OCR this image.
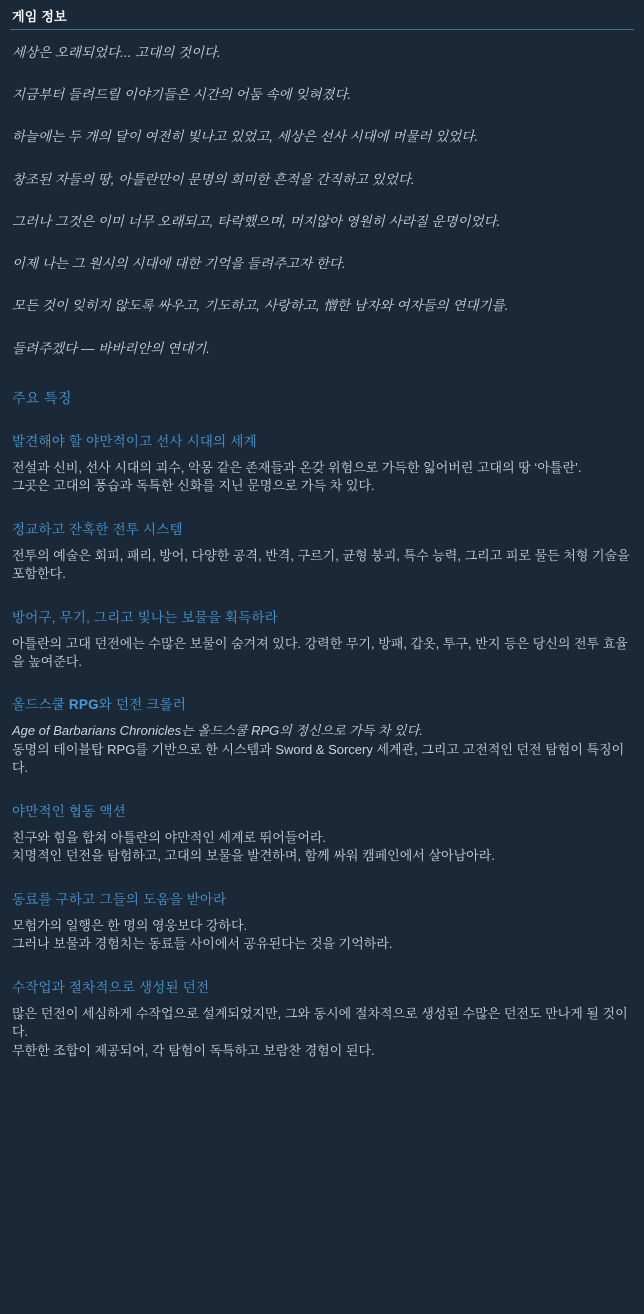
게임 정보

세상은 오래되었다... 고대의 것이다.

지금부터 들려드릴 이야기들은 시간의 어둠 속에 잊혀졌다.

하늘에는 두 개의 달이 여전히 빛나고 있었고, 세상은 선사 시대에 머물러 있었다.

창조된 자들의 땅, 아틀란만이 문명의 희미한 흔적을 간직하고 있었다.

그러나 그것은 이미 너무 오래되고, 타락했으며, 머지않아 영원히 사라질 운명이었다.

이제 나는 그 원시의 시대에 대한 기억을 들려주고자 한다.

모든 것이 잊히지 않도록 싸우고, 기도하고, 사랑하고, 憎한 남자와 여자들의 연대기를.

들려주겠다 — 바바리안의 연대기.

주요 특징
발견해야 할 야만적이고 선사 시대의 세계
전설과 신비, 선사 시대의 괴수, 악몽 같은 존재들과 온갖 위험으로 가득한 잃어버린 고대의 땅 ‘아틀란’.
그곳은 고대의 풍습과 독특한 신화를 지닌 문명으로 가득 차 있다.
정교하고 잔혹한 전투 시스템
전투의 예술은 회피, 패리, 방어, 다양한 공격, 반격, 구르기, 균형 붕괴, 특수 능력, 그리고 피로 물든 처형 기술을 포함한다.
방어구, 무기, 그리고 빛나는 보물을 획득하라
아틀란의 고대 던전에는 수많은 보물이 숨겨져 있다. 강력한 무기, 방패, 갑옷, 투구, 반지 등은 당신의 전투 효율을 높여준다.
올드스쿨 RPG와 던전 크롤러
Age of Barbarians Chronicles는 올드스쿨 RPG의 정신으로 가득 차 있다.
동명의 테이블탑 RPG를 기반으로 한 시스템과 Sword & Sorcery 세계관, 그리고 고전적인 던전 탐험이 특징이다.
야만적인 협동 액션
친구와 힘을 합쳐 아틀란의 야만적인 세계로 뛰어들어라.
치명적인 던전을 탐험하고, 고대의 보물을 발견하며, 함께 싸워 캠페인에서 살아남아라.
동료를 구하고 그들의 도움을 받아라
모험가의 일행은 한 명의 영웅보다 강하다.
그러나 보물과 경험치는 동료들 사이에서 공유된다는 것을 기억하라.
수작업과 절차적으로 생성된 던전
많은 던전이 세심하게 수작업으로 설계되었지만, 그와 동시에 절차적으로 생성된 수많은 던전도 만나게 될 것이다.
무한한 조합이 제공되어, 각 탐험이 독특하고 보람찬 경험이 된다.
